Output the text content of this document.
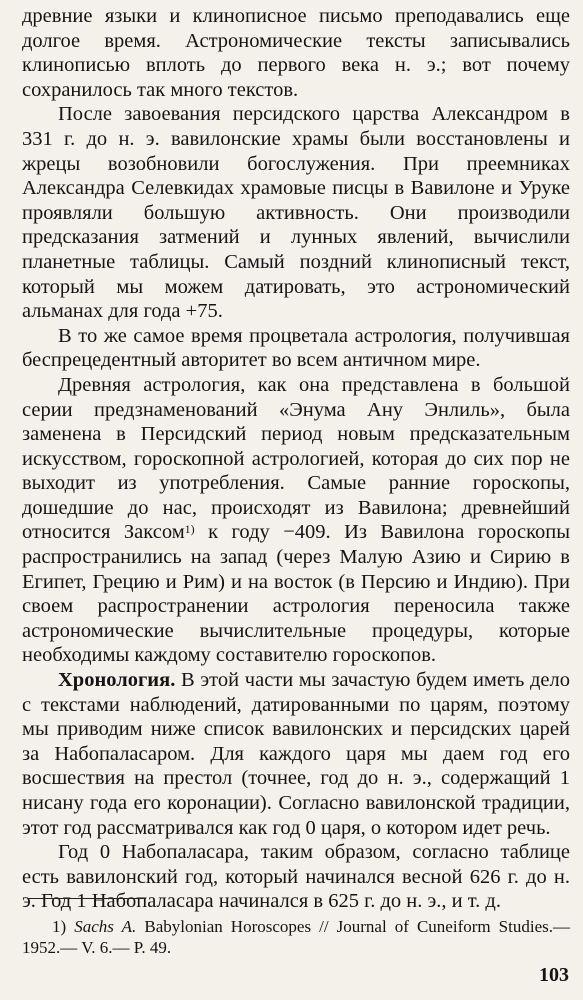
древние языки и клинописное письмо преподавались еще долгое время. Астрономические тексты записывались клинописью вплоть до первого века н. э.; вот почему сохранилось так много текстов.

После завоевания персидского царства Александром в 331 г. до н. э. вавилонские храмы были восстановлены и жрецы возобновили богослужения. При преемниках Александра Селевкидах храмовые писцы в Вавилоне и Уруке проявляли большую активность. Они производили предсказания затмений и лунных явлений, вычислили планетные таблицы. Самый поздний клинописный текст, который мы можем датировать, это астрономический альманах для года +75.

В то же самое время процветала астрология, получившая беспрецедентный авторитет во всем античном мире.

Древняя астрология, как она представлена в большой серии предзнаменований «Энума Ану Энлиль», была заменена в Персидский период новым предсказательным искусством, гороскопной астрологией, которая до сих пор не выходит из употребления. Самые ранние гороскопы, дошедшие до нас, происходят из Вавилона; древнейший относится Заксом$^{1)}$ к году −409. Из Вавилона гороскопы распространились на запад (через Малую Азию и Сирию в Египет, Грецию и Рим) и на восток (в Персию и Индию). При своем распространении астрология переносила также астрономические вычислительные процедуры, которые необходимы каждому составителю гороскопов.

Хронология. В этой части мы зачастую будем иметь дело с текстами наблюдений, датированными по царям, поэтому мы приводим ниже список вавилонских и персидских царей за Набопаласаром. Для каждого царя мы даем год его восшествия на престол (точнее, год до н. э., содержащий 1 нисану года его коронации). Согласно вавилонской традиции, этот год рассматривался как год 0 царя, о котором идет речь.

Год 0 Набопаласара, таким образом, согласно таблице есть вавилонский год, который начинался весной 626 г. до н. э. Год 1 Набопаласара начинался в 625 г. до н. э., и т. д.

1) Sachs A. Babylonian Horoscopes // Journal of Cuneiform Studies.— 1952.— V. 6.— P. 49.
103
